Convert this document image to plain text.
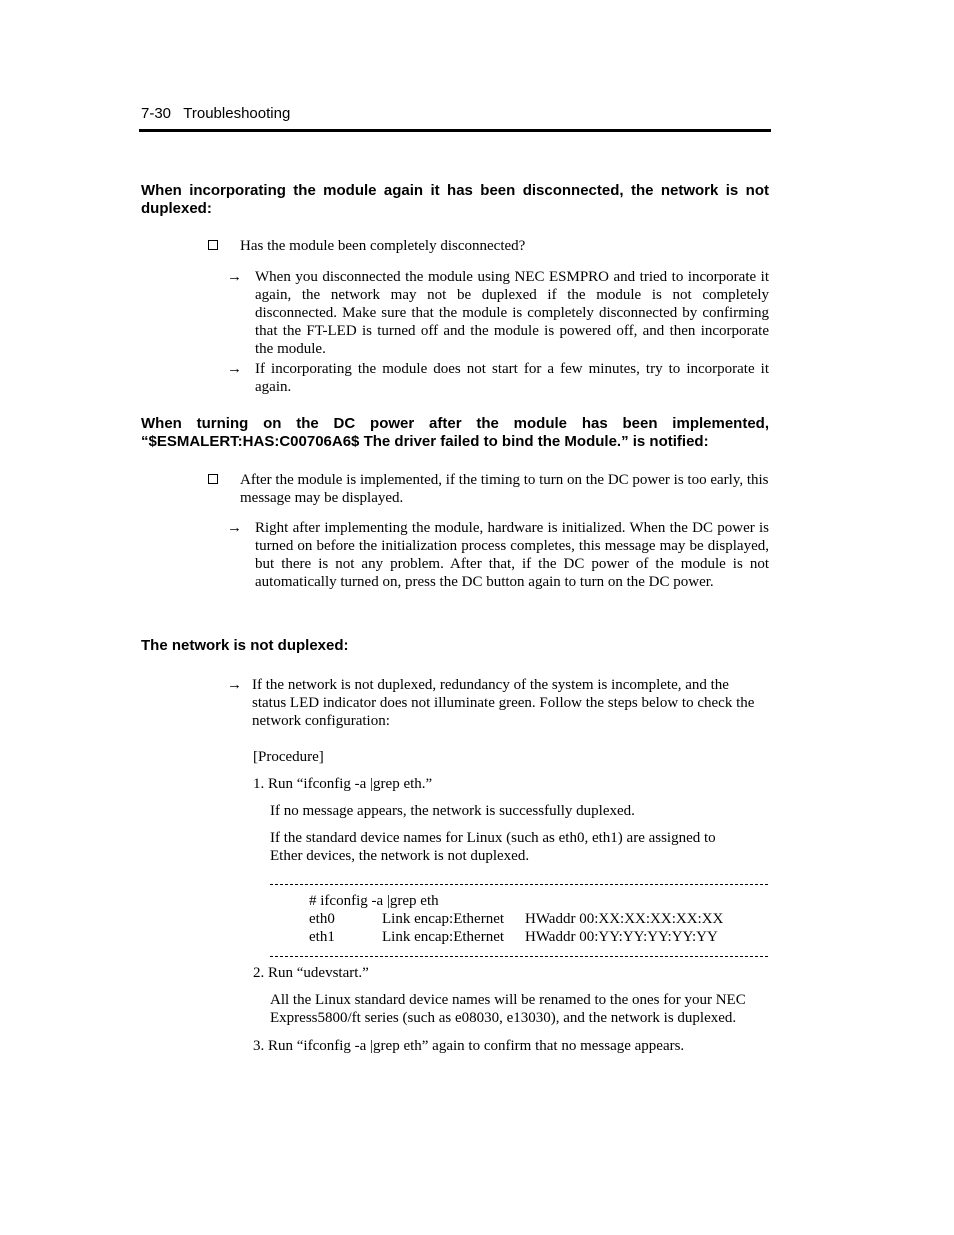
7-30 Troubleshooting
When incorporating the module again it has been disconnected, the network is not duplexed:
Has the module been completely disconnected?
→ When you disconnected the module using NEC ESMPRO and tried to incorporate it again, the network may not be duplexed if the module is not completely disconnected. Make sure that the module is completely disconnected by confirming that the FT-LED is turned off and the module is powered off, and then incorporate the module.
→ If incorporating the module does not start for a few minutes, try to incorporate it again.
When turning on the DC power after the module has been implemented,
“$ESMALERT:HAS:C00706A6$ The driver failed to bind the Module.” is notified:
After the module is implemented, if the timing to turn on the DC power is too early, this message may be displayed.
→ Right after implementing the module, hardware is initialized. When the DC power is turned on before the initialization process completes, this message may be displayed, but there is not any problem. After that, if the DC power of the module is not automatically turned on, press the DC button again to turn on the DC power.
The network is not duplexed:
→ If the network is not duplexed, redundancy of the system is incomplete, and the status LED indicator does not illuminate green. Follow the steps below to check the network configuration:
[Procedure]
1. Run “ifconfig -a |grep eth.”
If no message appears, the network is successfully duplexed.
If the standard device names for Linux (such as eth0, eth1) are assigned to Ether devices, the network is not duplexed.
# ifconfig -a |grep eth
eth0	Link encap:Ethernet HWaddr 00:XX:XX:XX:XX:XX
eth1	Link encap:Ethernet HWaddr 00:YY:YY:YY:YY:YY
2. Run “udevstart.”
All the Linux standard device names will be renamed to the ones for your NEC Express5800/ft series (such as e08030, e13030), and the network is duplexed.
3. Run “ifconfig -a |grep eth” again to confirm that no message appears.
